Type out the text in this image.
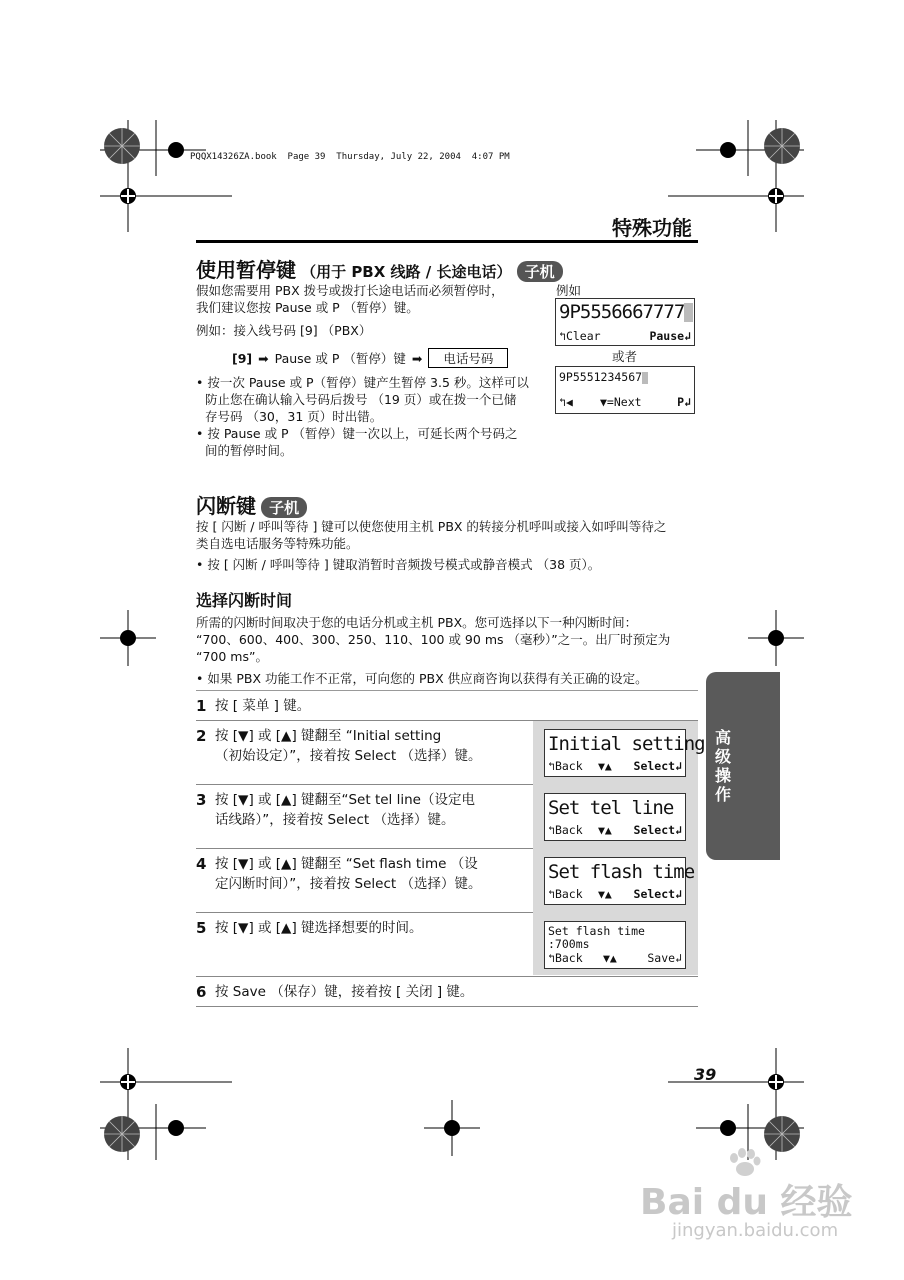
PQQX14326ZA.book  Page 39  Thursday, July 22, 2004  4:07 PM
特殊功能
使用暂停键 （用于 PBX 线路 / 长途电话） 子机
假如您需要用 PBX 拨号或拨打长途电话而必须暂停时，
我们建议您按 Pause 或 P （暂停）键。
例如：接入线号码 [9] （PBX）
[9] ➡ Pause 或 P （暂停）键 ➡	电话号码
• 按一次 Pause 或 P（暂停）键产生暂停 3.5 秒。这样可以
防止您在确认输入号码后拨号 （19 页）或在拨一个已储
存号码 （30，31 页）时出错。
• 按 Pause 或 P （暂停）键一次以上，可延长两个号码之
间的暂停时间。
例如
9P5556667777
↰Clear	Pause↲
或者
9P5551234567
↰◀ ▼=Next	P↲
闪断键 子机
按 [ 闪断 / 呼叫等待 ] 键可以使您使用主机 PBX 的转接分机呼叫或接入如呼叫等待之
类自选电话服务等特殊功能。
• 按 [ 闪断 / 呼叫等待 ] 键取消暂时音频拨号模式或静音模式 （38 页）。
选择闪断时间
所需的闪断时间取决于您的电话分机或主机 PBX。您可选择以下一种闪断时间：
“700、600、400、300、250、110、100 或 90 ms （毫秒）”之一。出厂时预定为
“700 ms”。
• 如果 PBX 功能工作不正常，可向您的 PBX 供应商咨询以获得有关正确的设定。
1 按 [ 菜单 ] 键。
2 按 [▼] 或 [▲] 键翻至 “Initial setting
（初始设定）”，接着按 Select （选择）键。
Initial setting
↰Back ▼▲ Select↲
3 按 [▼] 或 [▲] 键翻至“Set tel line（设定电
话线路）”，接着按 Select （选择）键。
Set tel line
↰Back ▼▲ Select↲
4 按 [▼] 或 [▲] 键翻至 “Set flash time （设
定闪断时间）”，接着按 Select （选择）键。
Set flash time
↰Back ▼▲ Select↲
5 按 [▼] 或 [▲] 键选择想要的时间。	Set flash time
:700ms
↰Back ▼▲	Save↲
6 按 Save （保存）键，接着按 [ 关闭 ] 键。
高
级
操
作
39
Bai du 经验
jingyan.baidu.com
